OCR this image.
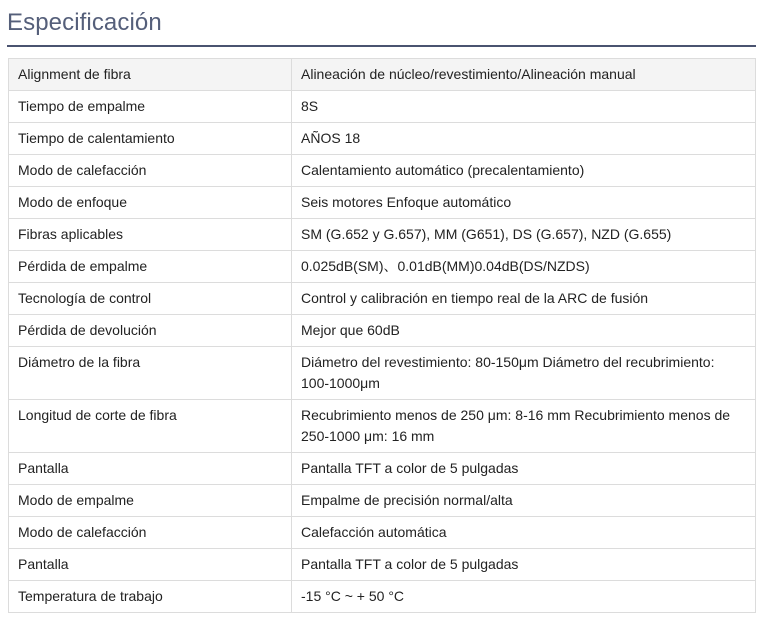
Especificación
Alignment de fibra	Alineación de núcleo/revestimiento/Alineación manual
Tiempo de empalme	8S
Tiempo de calentamiento	AÑOS 18
Modo de calefacción	Calentamiento automático (precalentamiento)
Modo de enfoque	Seis motores Enfoque automático
Fibras aplicables	SM (G.652 y G.657), MM (G651), DS (G.657), NZD (G.655)
Pérdida de empalme	0.025dB(SM)、0.01dB(MM)0.04dB(DS/NZDS)
Tecnología de control	Control y calibración en tiempo real de la ARC de fusión
Pérdida de devolución	Mejor que 60dB
Diámetro de la fibra	Diámetro del revestimiento: 80-150μm Diámetro del recubrimiento: 100-1000μm
Longitud de corte de fibra	Recubrimiento menos de 250 μm: 8-16 mm Recubrimiento menos de 250-1000 μm: 16 mm
Pantalla	Pantalla TFT a color de 5 pulgadas
Modo de empalme	Empalme de precisión normal/alta
Modo de calefacción	Calefacción automática
Pantalla	Pantalla TFT a color de 5 pulgadas
Temperatura de trabajo	-15 °C ~ + 50 °C
